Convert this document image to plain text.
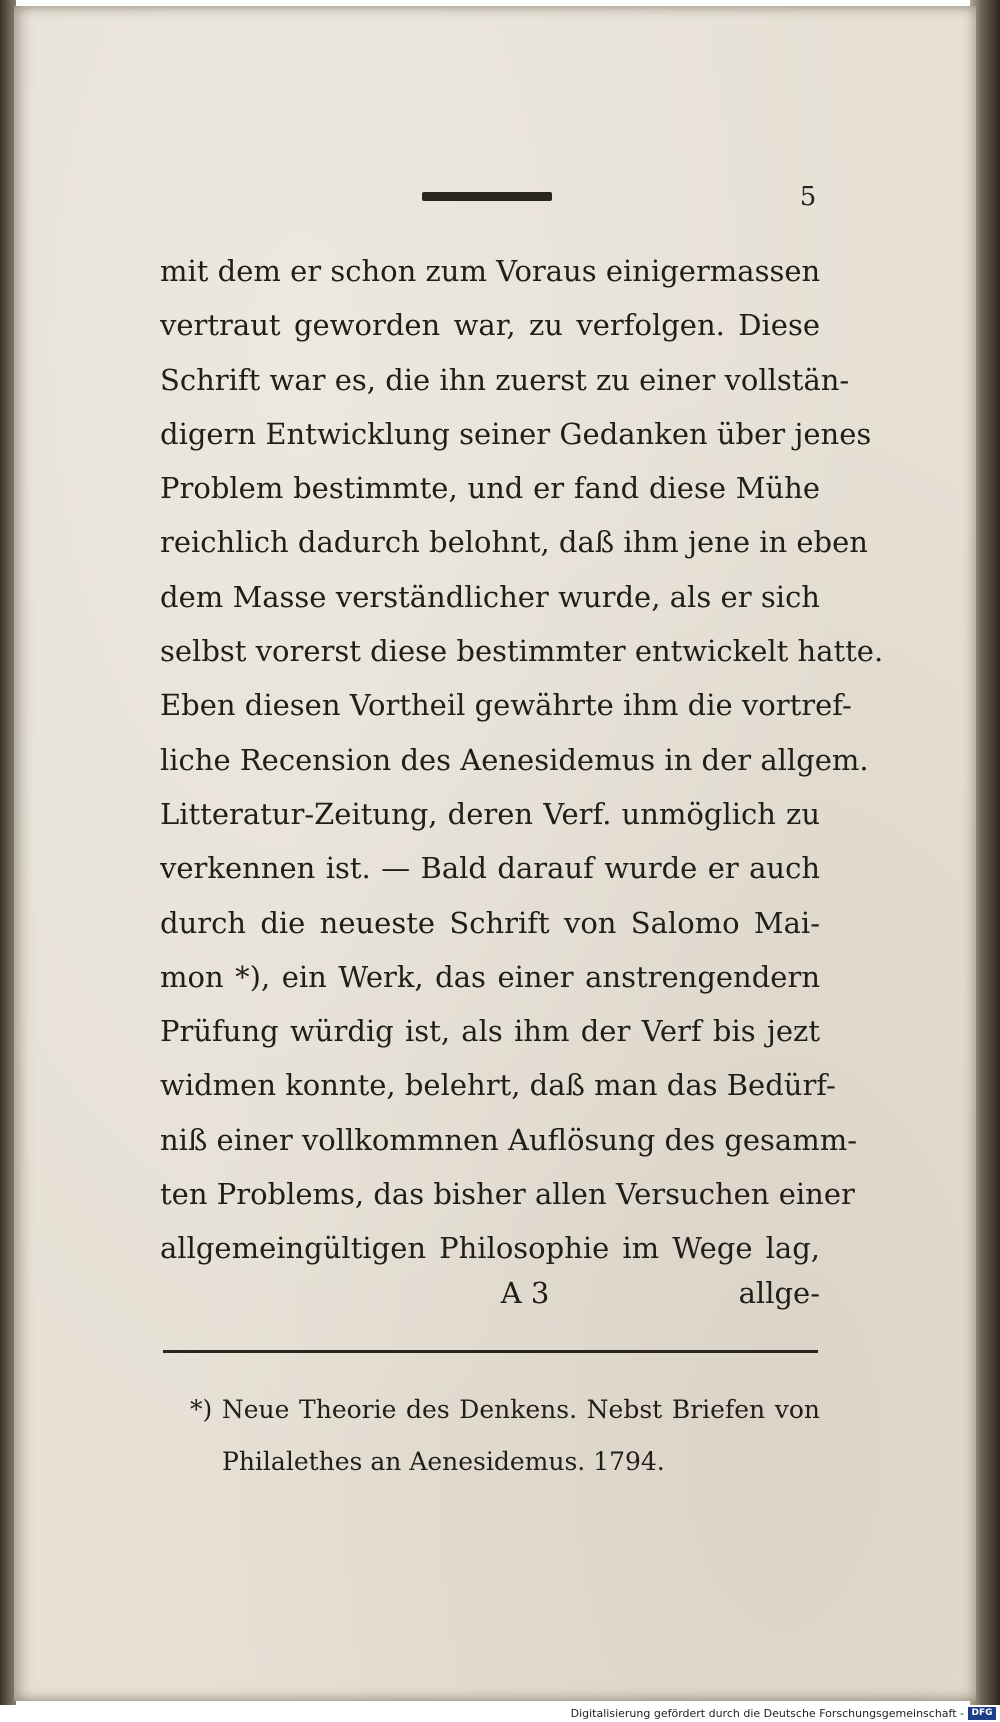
5
mit dem er schon zum Voraus einigermassen
vertraut geworden war, zu verfolgen. Diese
Schrift war es, die ihn zuerst zu einer vollstän-
digern Entwicklung seiner Gedanken über jenes
Problem bestimmte, und er fand diese Mühe
reichlich dadurch belohnt, daß ihm jene in eben
dem Masse verständlicher wurde, als er sich
selbst vorerst diese bestimmter entwickelt hatte.
Eben diesen Vortheil gewährte ihm die vortref-
liche Recension des Aenesidemus in der allgem.
Litteratur-Zeitung, deren Verf. unmöglich zu
verkennen ist. — Bald darauf wurde er auch
durch die neueste Schrift von Salomo Mai-
mon *), ein Werk, das einer anstrengendern
Prüfung würdig ist, als ihm der Verf bis jezt
widmen konnte, belehrt, daß man das Bedürf-
niß einer vollkommnen Auflösung des gesamm-
ten Problems, das bisher allen Versuchen einer
allgemeingültigen Philosophie im Wege lag,
A 3	allge-
*) Neue Theorie des Denkens. Nebst Briefen von
Philalethes an Aenesidemus. 1794.
Digitalisierung gefördert durch die Deutsche Forschungsgemeinschaft - DFG
